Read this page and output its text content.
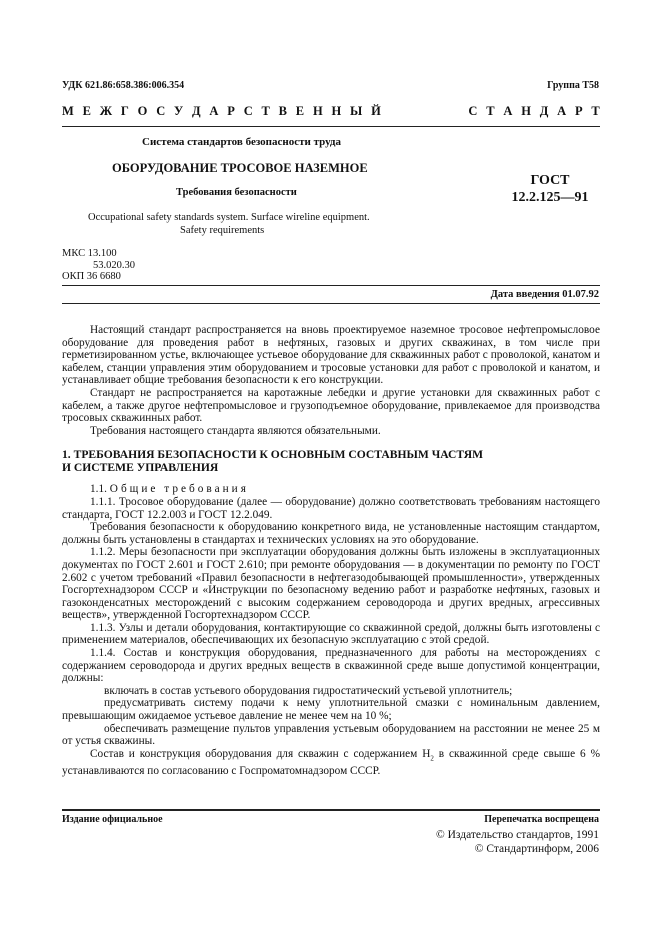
УДК 621.86:658.386:006.354	Группа Т58
М Е Ж Г О С У Д А Р С Т В Е Н Н Ы Й	С Т А Н Д А Р Т
Система стандартов безопасности труда
ОБОРУДОВАНИЕ ТРОСОВОЕ НАЗЕМНОЕ
Требования безопасности
ГОСТ
12.2.125—91
Occupational safety standards system. Surface wireline equipment.
Safety requirements
МКС 13.100
53.020.30
ОКП 36 6680
Дата введения 01.07.92

Настоящий стандарт распространяется на вновь проектируемое наземное тросовое нефтепромысловое оборудование для проведения работ в нефтяных, газовых и других скважинах, в том числе при герметизированном устье, включающее устьевое оборудование для скважинных работ с проволокой, канатом и кабелем, станции управления этим оборудованием и тросовые установки для работ с проволокой и канатом, и устанавливает общие требования безопасности к его конструкции.

Стандарт не распространяется на каротажные лебедки и другие установки для скважинных работ с кабелем, а также другое нефтепромысловое и грузоподъемное оборудование, привлекаемое для производства тросовых скважинных работ.

Требования настоящего стандарта являются обязательными.

1. ТРЕБОВАНИЯ БЕЗОПАСНОСТИ К ОСНОВНЫМ СОСТАВНЫМ ЧАСТЯМ
И СИСТЕМЕ УПРАВЛЕНИЯ

1.1. Общие требования

1.1.1. Тросовое оборудование (далее — оборудование) должно соответствовать требованиям настоящего стандарта, ГОСТ 12.2.003 и ГОСТ 12.2.049.

Требования безопасности к оборудованию конкретного вида, не установленные настоящим стандартом, должны быть установлены в стандартах и технических условиях на это оборудование.

1.1.2. Меры безопасности при эксплуатации оборудования должны быть изложены в эксплуатационных документах по ГОСТ 2.601 и ГОСТ 2.610; при ремонте оборудования — в документации по ремонту по ГОСТ 2.602 с учетом требований «Правил безопасности в нефтегазодобывающей промышленности», утвержденных Госгортехнадзором СССР и «Инструкции по безопасному ведению работ и разработке нефтяных, газовых и газоконденсатных месторождений с высоким содержанием сероводорода и других вредных, агрессивных веществ», утвержденной Госгортехнадзором СССР.

1.1.3. Узлы и детали оборудования, контактирующие со скважинной средой, должны быть изготовлены с применением материалов, обеспечивающих их безопасную эксплуатацию с этой средой.

1.1.4. Состав и конструкция оборудования, предназначенного для работы на месторождениях с содержанием сероводорода и других вредных веществ в скважинной среде выше допустимой концентрации, должны:

включать в состав устьевого оборудования гидростатический устьевой уплотнитель;

предусматривать систему подачи к нему уплотнительной смазки с номинальным давлением, превышающим ожидаемое устьевое давление не менее чем на 10 %;

обеспечивать размещение пультов управления устьевым оборудованием на расстоянии не менее 25 м от устья скважины.

Состав и конструкция оборудования для скважин с содержанием $H_2$ в скважинной среде свыше 6 % устанавливаются по согласованию с Госпроматомнадзором СССР.

Издание официальное	Перепечатка воспрещена
© Издательство стандартов, 1991
© Стандартинформ, 2006
